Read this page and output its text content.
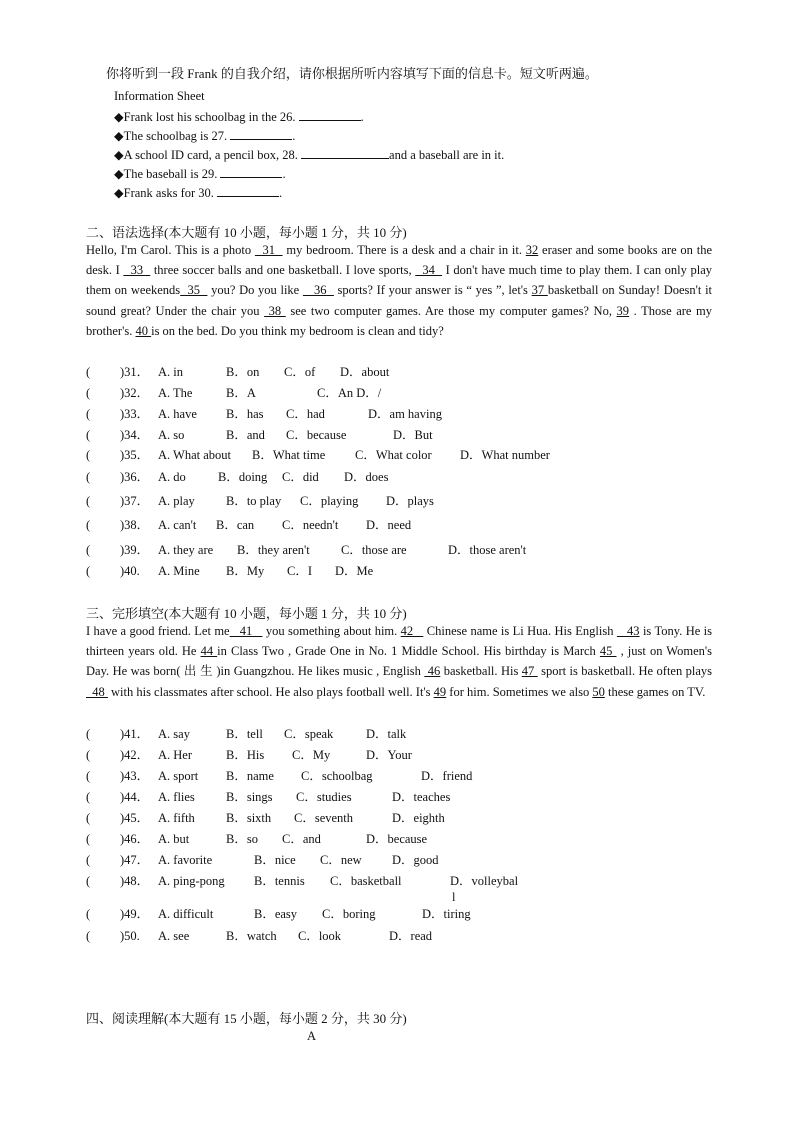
你将听到一段 Frank 的自我介绍，请你根据所听内容填写下面的信息卡。短文听两遍。
Information Sheet
◆Frank lost his schoolbag in the 26.	.
◆The schoolbag is 27.	.
◆A school ID card, a pencil box, 28.	and a baseball are in it.
◆The baseball is 29.	.
◆Frank asks for 30.	.
二、语法选择(本大题有 10 小题，每小题 1 分，共 10 分)
Hello, I'm Carol. This is a photo   31   my bedroom. There is a desk and a chair in it. 32 eraser and some books are on the desk. I   33   three soccer balls and one basketball. I love sports,   34   I don't have much time to play them. I can only play them on weekends  35   you? Do you like    36   sports? If your answer is “ yes ”, let's 37 basketball on Sunday! Doesn't it sound great? Under the chair you  38  see two computer games. Are those my computer games? No, 39 . Those are my brother's. 40 is on the bed. Do you think my bedroom is clean and tidy?
( )31． A. in	B．on C．of D．about
( )32． A. The	B．A	C．An D．/
( )33． A. have B．has C．had	D．am having
( )34． A. so	B．and C．because	D．But
( )35． A. What about B．What time C．What color D．What number
( )36． A. do	B．doing C．did D．does
( )37． A. play B．to play C．playing D．plays
( )38． A. can't B．can C．needn't D．need
( )39． A. they are B．they aren't	C．those are	D．those aren't
( )40. A. Mine B．My C．I D．Me
三、完形填空(本大题有 10 小题，每小题 1 分，共 10 分)
I have a good friend. Let me   41    you something about him. 42    Chinese name is Li Hua. His English    43 is Tony. He is thirteen years old. He 44 in Class Two , Grade One in No. 1 Middle School. His birthday is March 45  , just on Women's Day. He was born( 出 生 )in Guangzhou. He likes music , English  46 basketball. His 47  sport is basketball. He often plays   48  with his classmates after school. He also plays football well. It's 49 for him. Sometimes we also 50 these games on TV.
( )41． A. say	B．tell C．speak	D．talk
( )42． A. Her	B．His C．My	D．Your
( )43． A. sport B．name C．schoolbag	D．friend
( )44． A. flies B．sings C．studies	D．teaches
( )45． A. fifth B．sixth C．seventh	D．eighth
( )46． A. but	B．so C．and	D．because
( )47． A. favorite	B．nice C．new D．good
( )48． A. ping-pong B．tennis C．basketball	D．volleybal
l
( )49． A. difficult	B．easy C．boring	D．tiring
( )50. A. see	B．watch C．look	D．read
四、阅读理解(本大题有 15 小题，每小题 2 分，共 30 分)
A
